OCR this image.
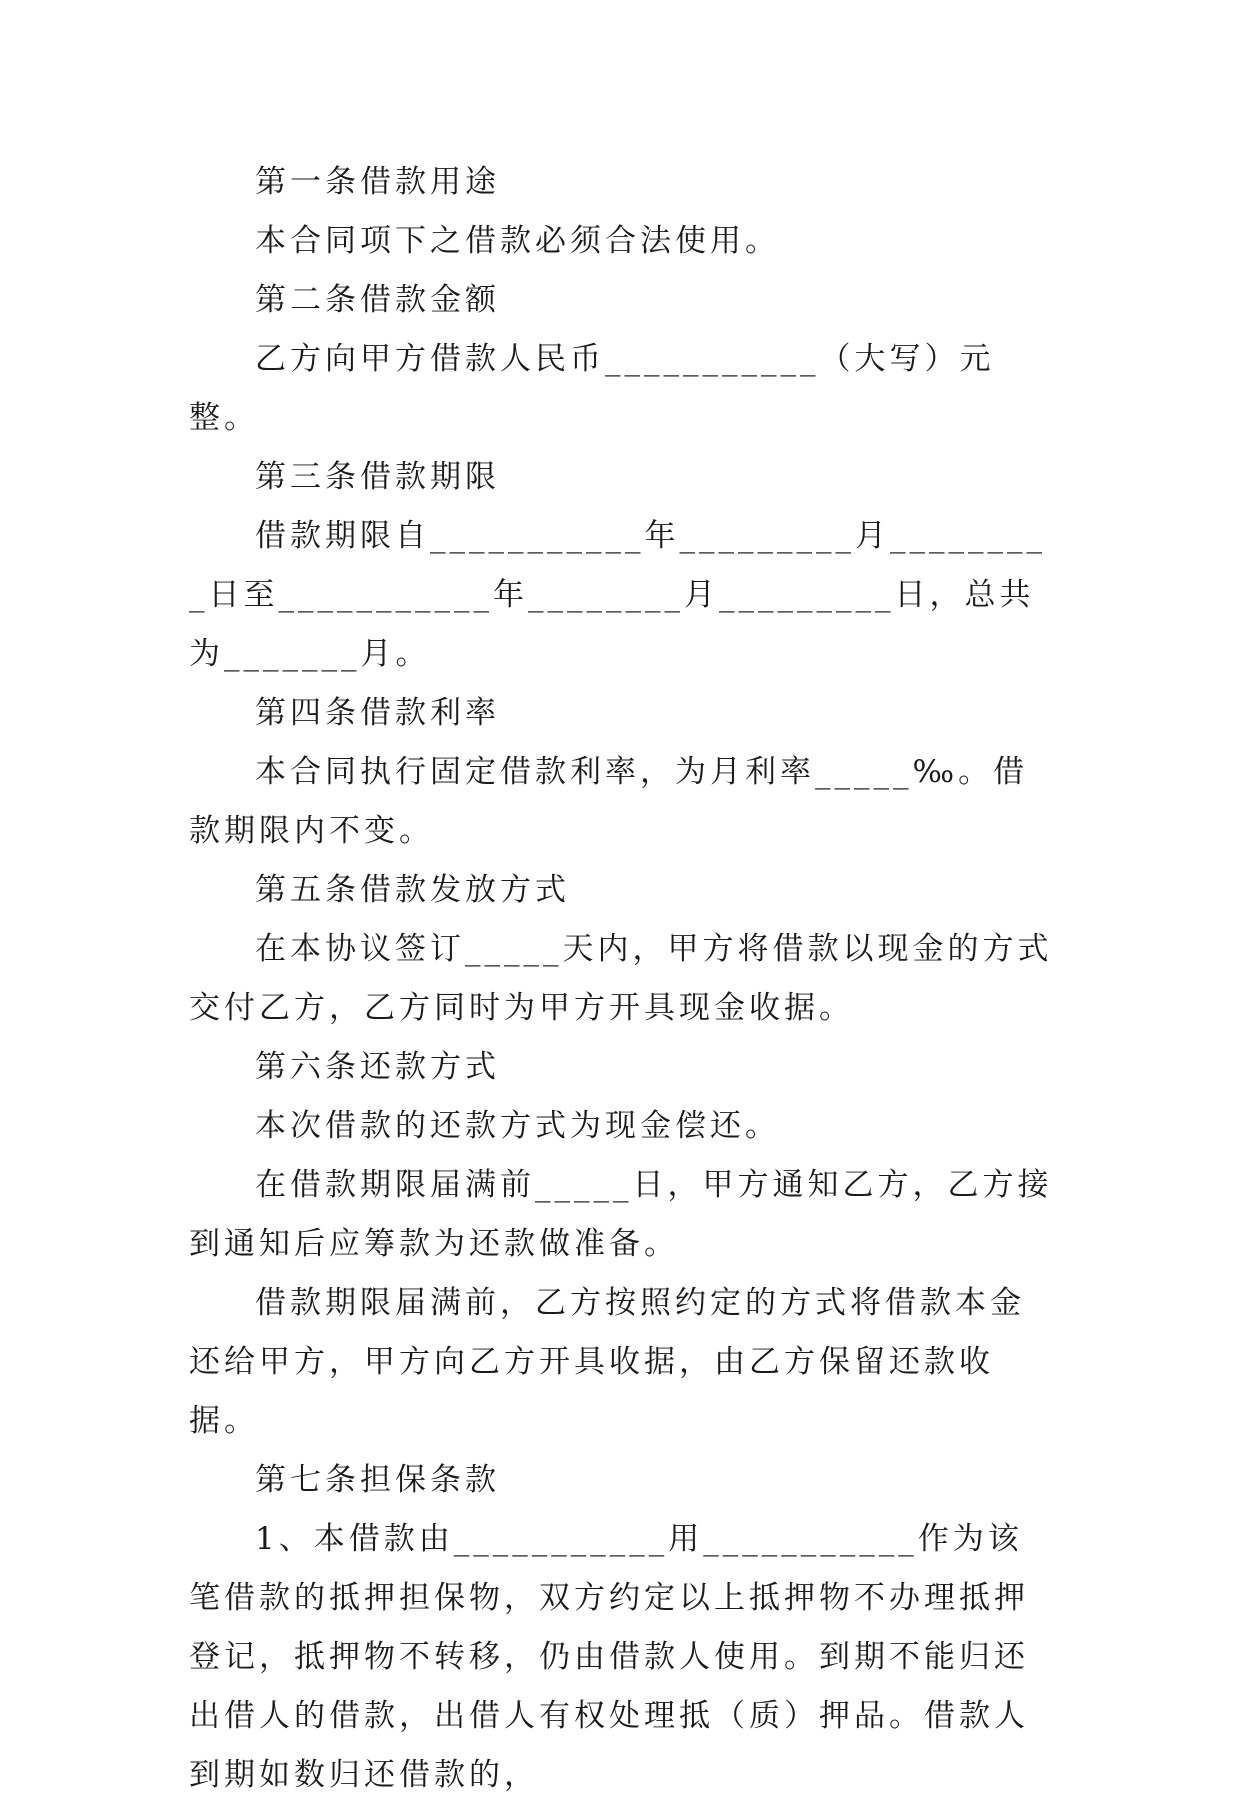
第一条借款用途

本合同项下之借款必须合法使用。

第二条借款金额

乙方向甲方借款人民币___________（大写）元整。

第三条借款期限

借款期限自___________年_________月_________日至___________年________月_________日，总共为_______月。

第四条借款利率

本合同执行固定借款利率，为月利率_____‰。借款期限内不变。

第五条借款发放方式

在本协议签订_____天内，甲方将借款以现金的方式交付乙方，乙方同时为甲方开具现金收据。

第六条还款方式

本次借款的还款方式为现金偿还。

在借款期限届满前_____日，甲方通知乙方，乙方接到通知后应筹款为还款做准备。

借款期限届满前，乙方按照约定的方式将借款本金还给甲方，甲方向乙方开具收据，由乙方保留还款收据。

第七条担保条款

1、本借款由___________用___________作为该笔借款的抵押担保物，双方约定以上抵押物不办理抵押登记，抵押物不转移，仍由借款人使用。到期不能归还出借人的借款，出借人有权处理抵（质）押品。借款人到期如数归还借款的，
